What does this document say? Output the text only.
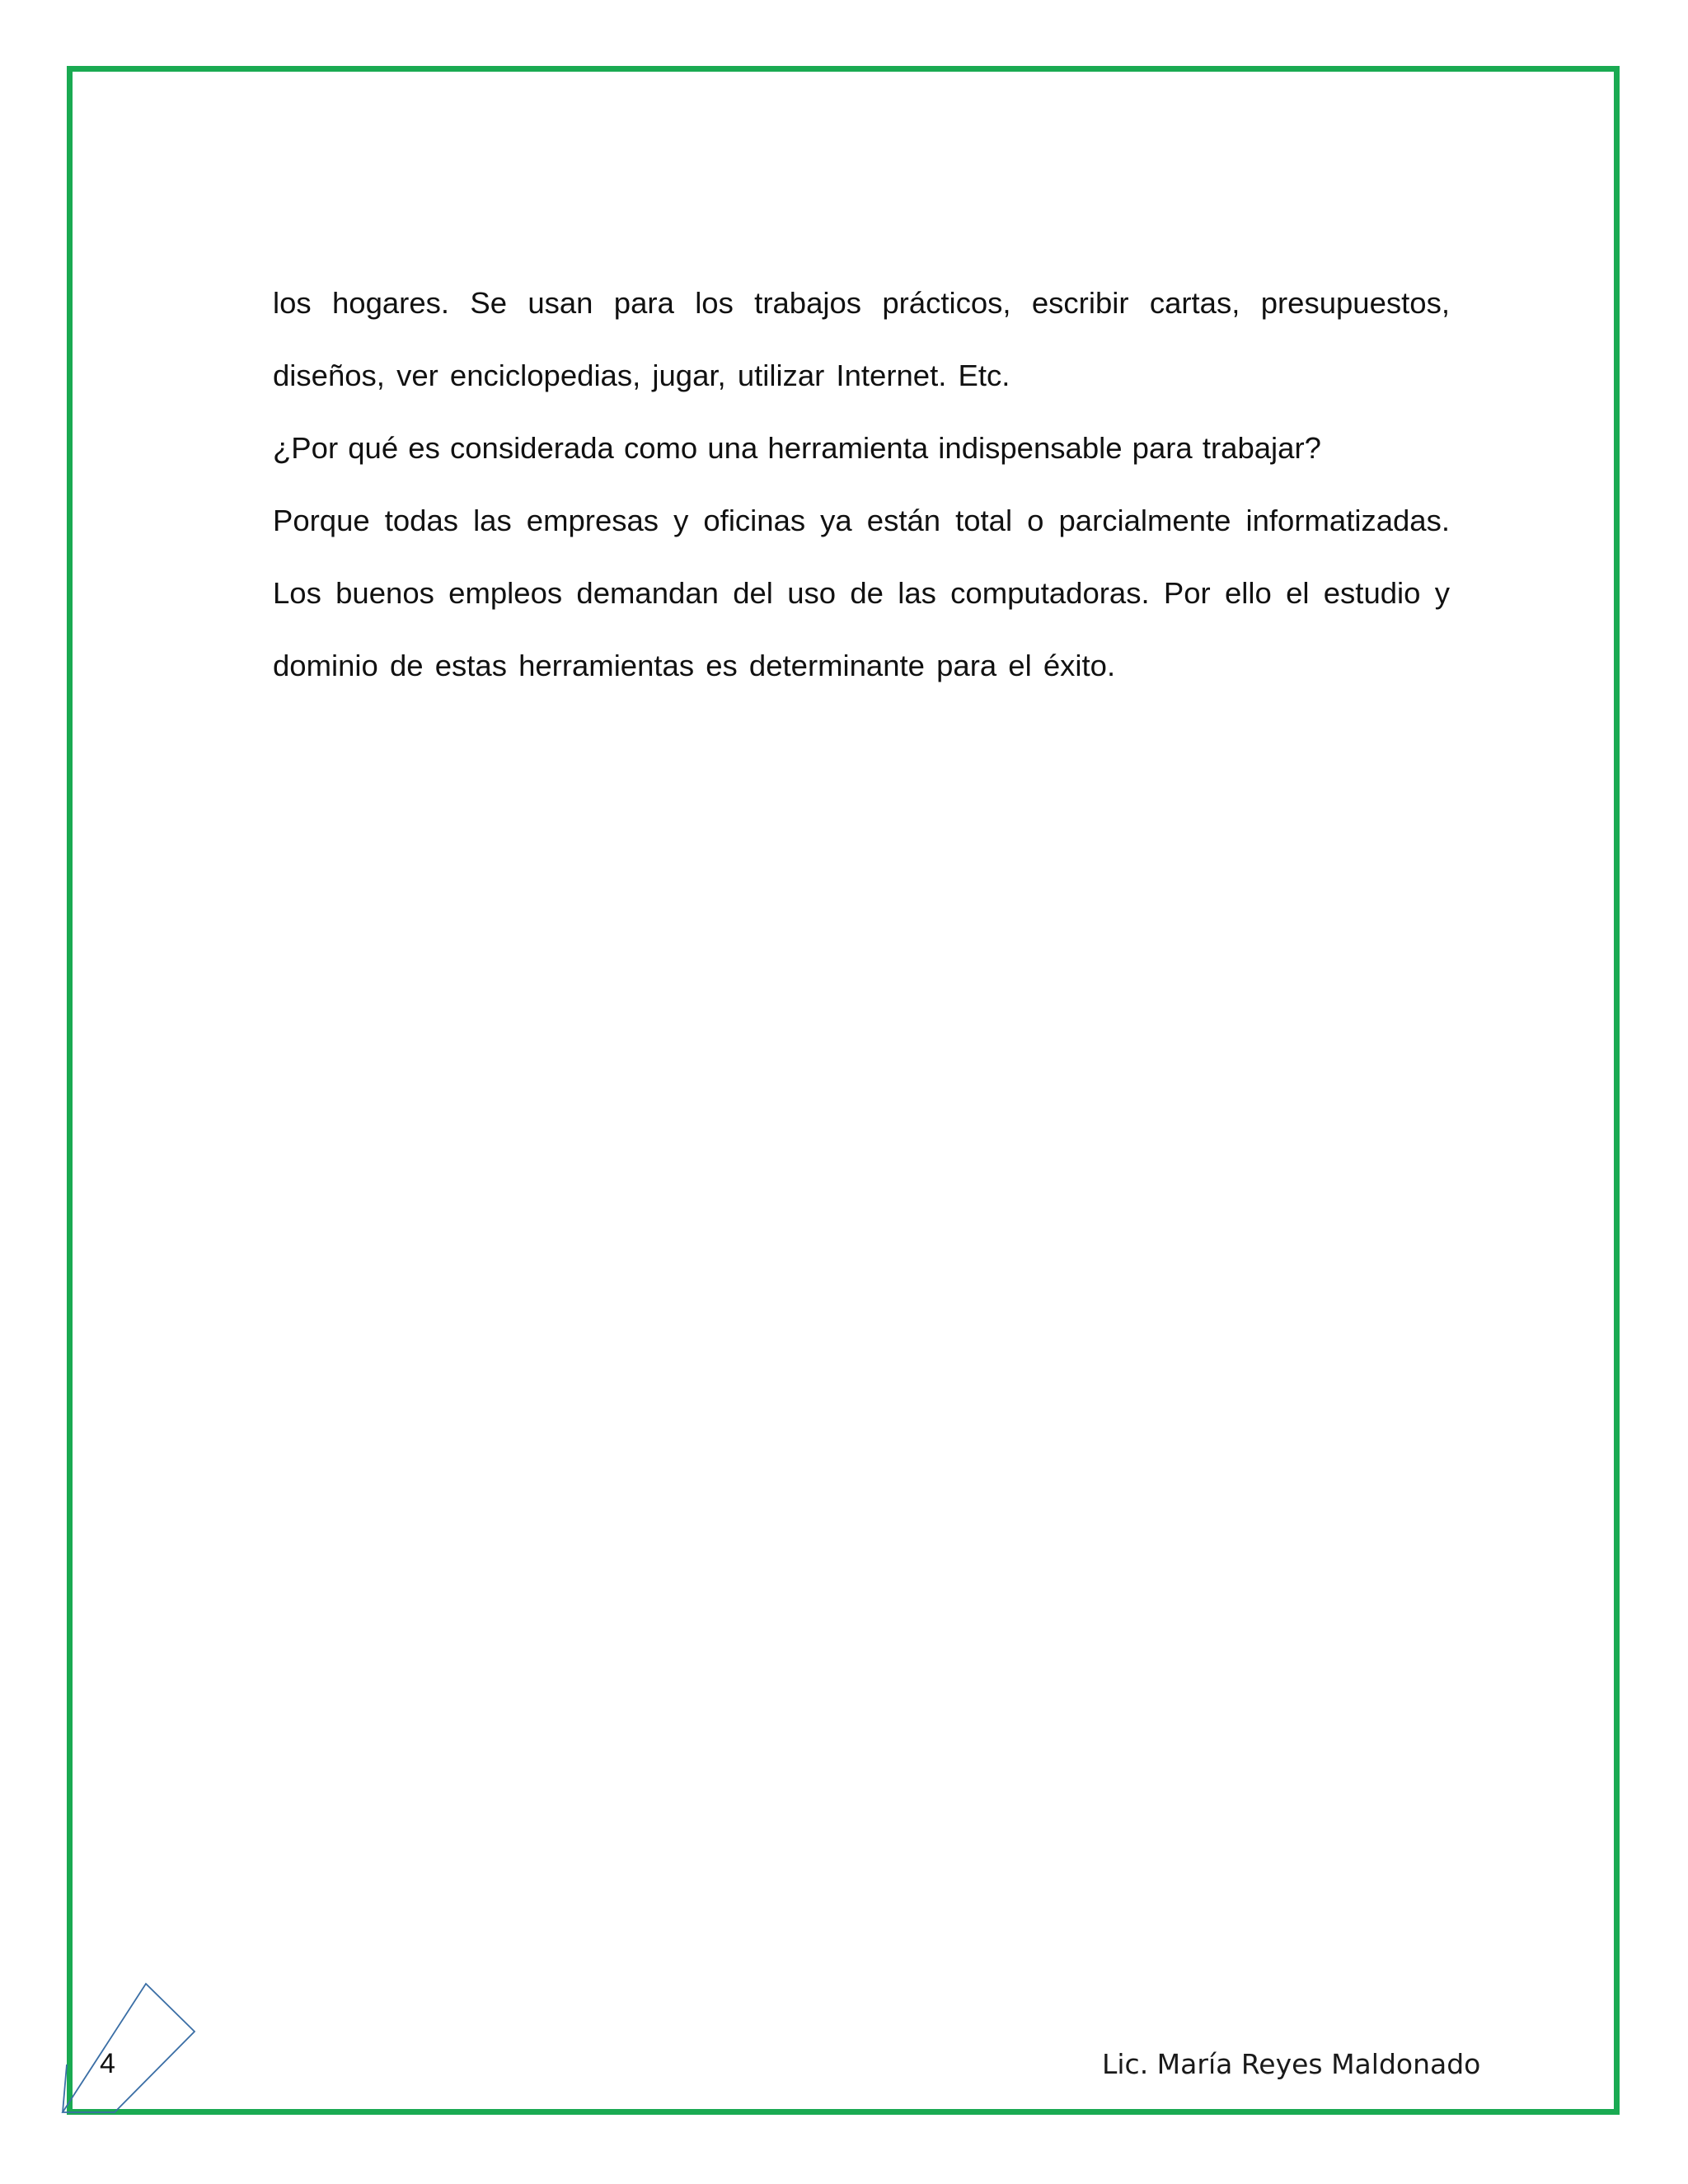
los hogares. Se usan para los trabajos prácticos, escribir cartas, presupuestos, diseños, ver enciclopedias, jugar, utilizar Internet. Etc.

¿Por qué es considerada como una herramienta indispensable para trabajar?

Porque todas las empresas y oficinas ya están total o parcialmente informatizadas. Los buenos empleos demandan del uso de las computadoras. Por ello el estudio y dominio de estas herramientas es determinante para el éxito.

4	Lic. María Reyes Maldonado
